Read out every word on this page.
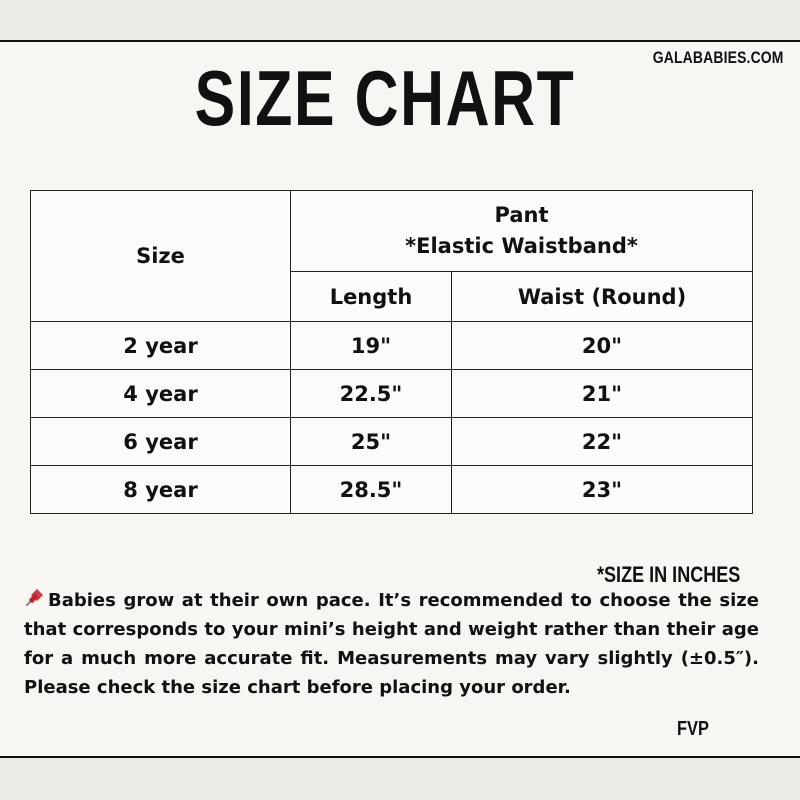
GALABABIES.COM
SIZE CHART
Size	Pant
*Elastic Waistband*	

	Length	Waist (Round)
2 year	19"	20"
4 year	22.5"	21"
6 year	25"	22"
8 year	28.5"	23"
*SIZE IN INCHES
Babies grow at their own pace. It’s recommended to choose the size that corresponds to your mini’s height and weight rather than their age for a much more accurate fit. Measurements may vary slightly (±0.5″). Please check the size chart before placing your order.
FVP
